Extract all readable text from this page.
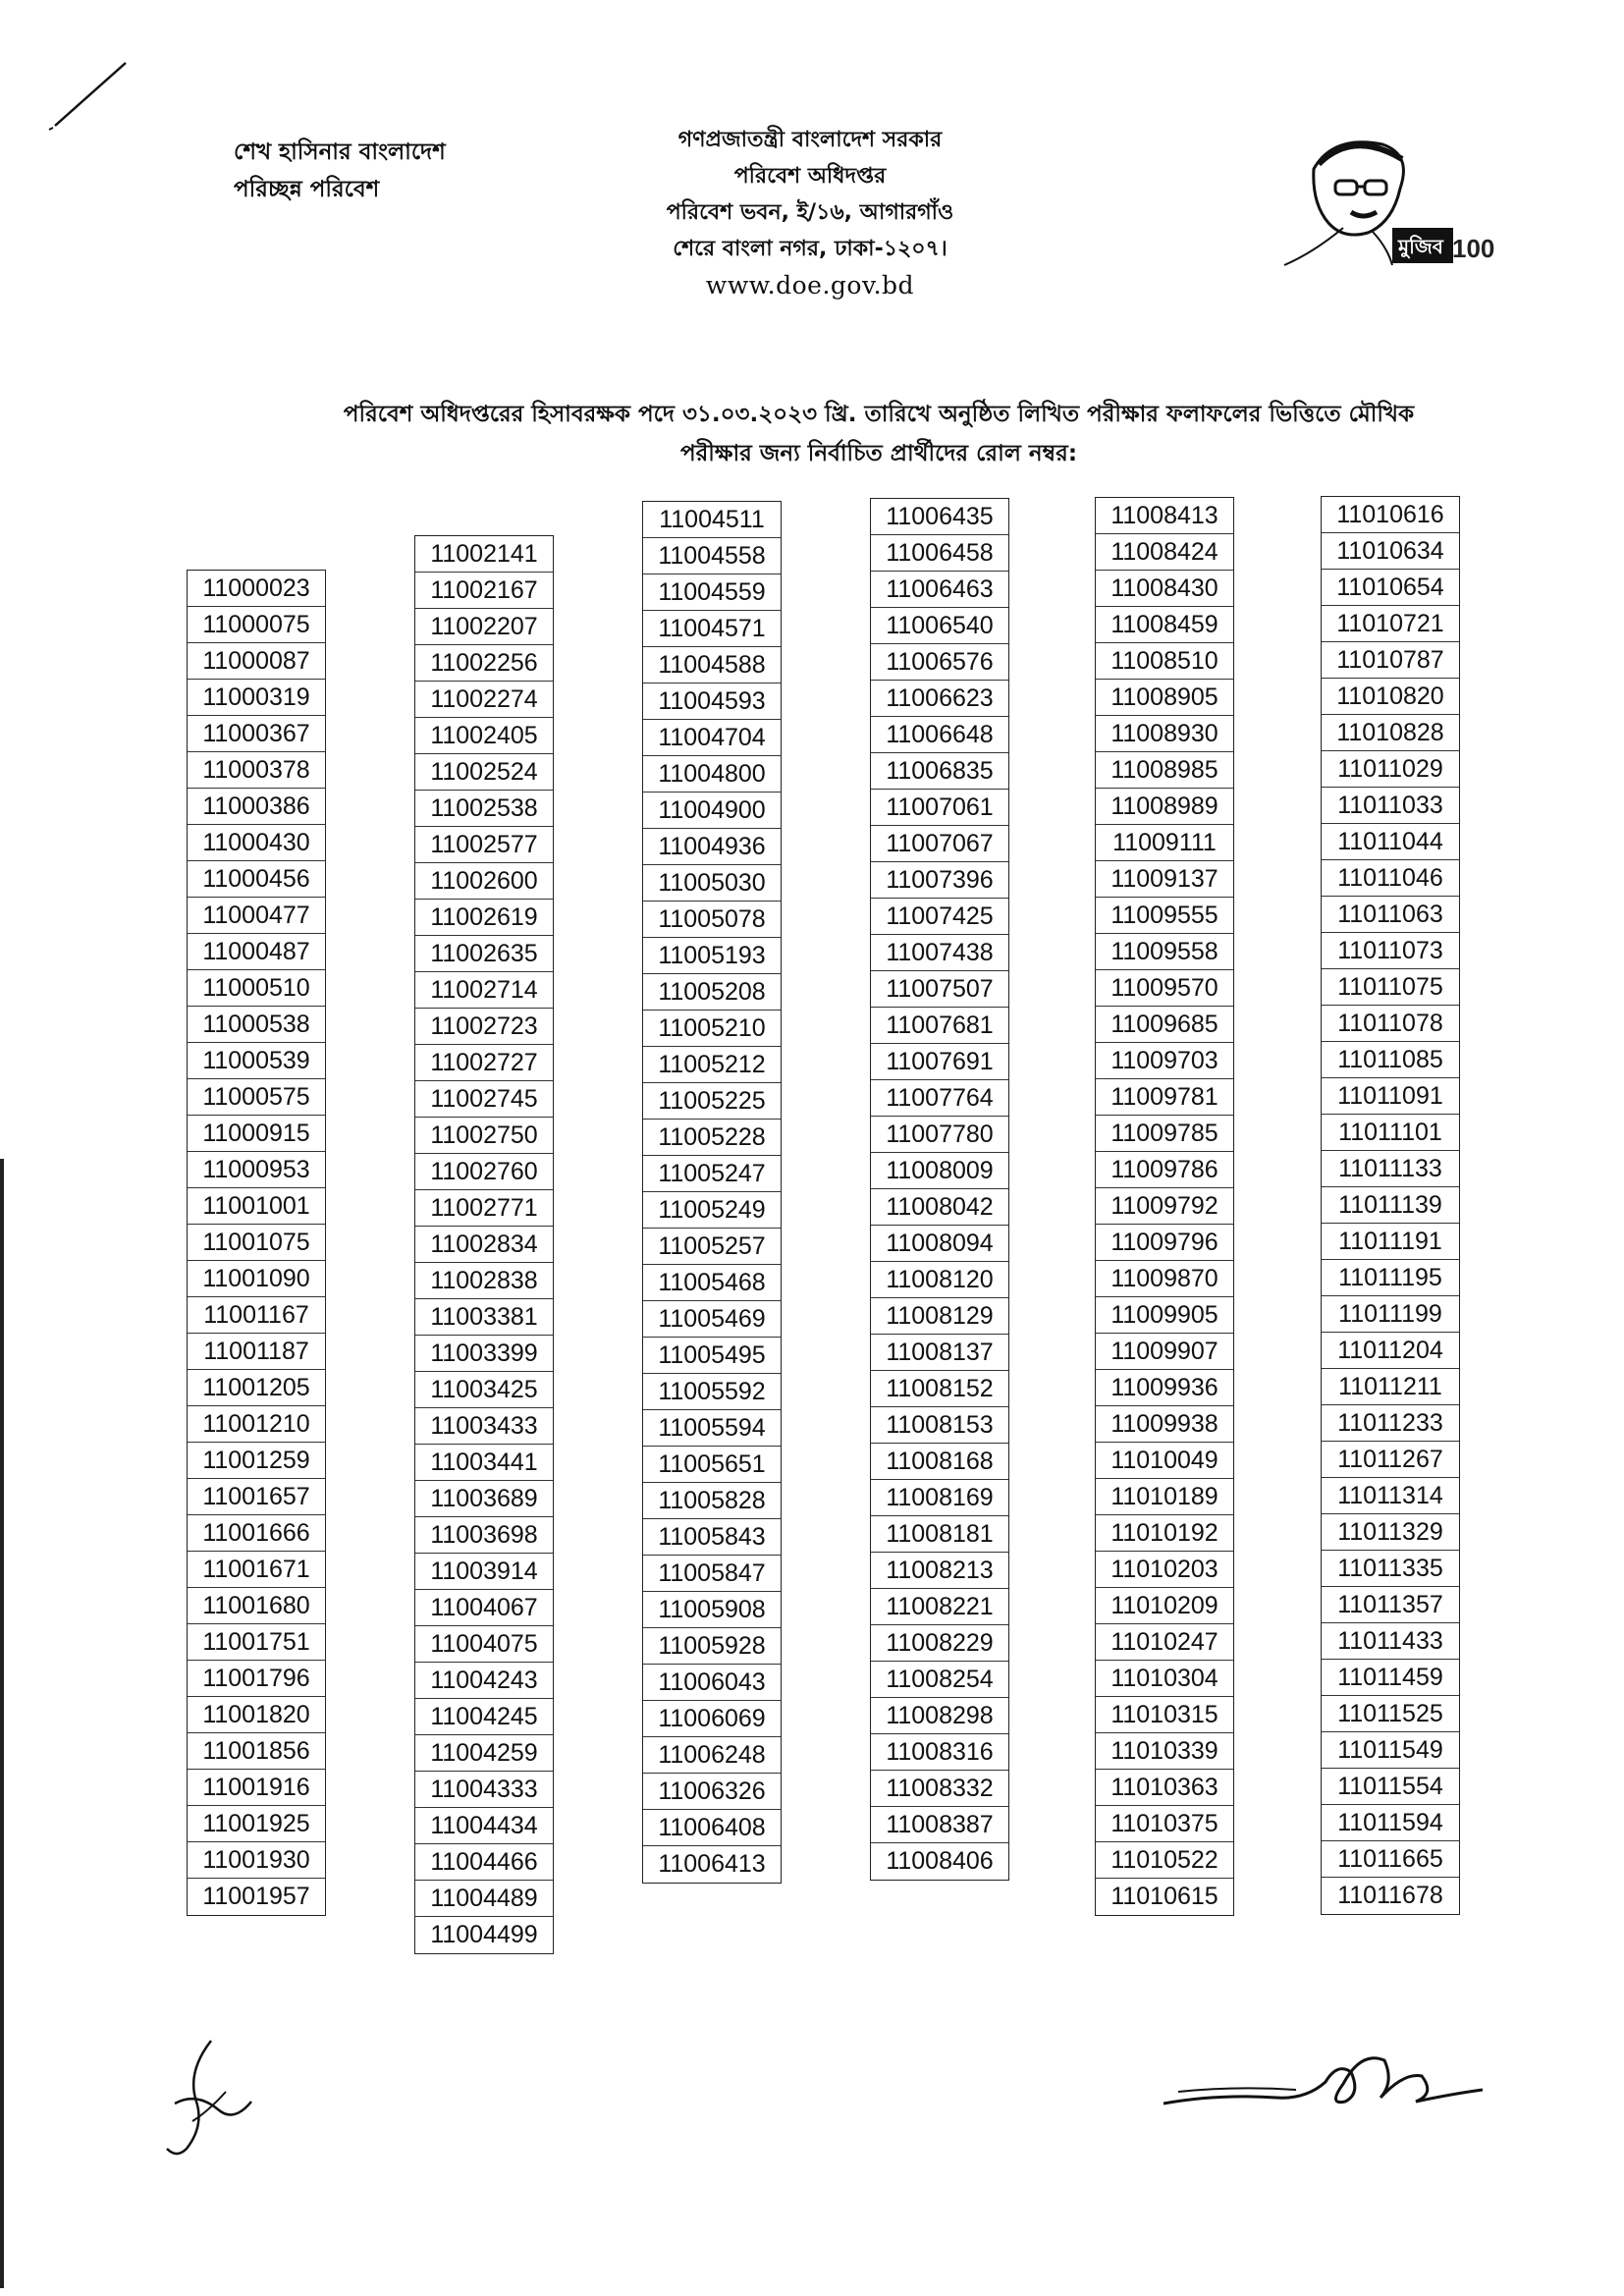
শেখ হাসিনার বাংলাদেশ
পরিচ্ছন্ন পরিবেশ
গণপ্রজাতন্ত্রী বাংলাদেশ সরকার
পরিবেশ অধিদপ্তর
পরিবেশ ভবন, ই/১৬, আগারগাঁও
শেরে বাংলা নগর, ঢাকা-১২০৭।
www.doe.gov.bd
মুজিব 100
পরিবেশ অধিদপ্তরের হিসাবরক্ষক পদে ৩১.০৩.২০২৩ খ্রি. তারিখে অনুষ্ঠিত লিখিত পরীক্ষার ফলাফলের ভিত্তিতে মৌখিক
পরীক্ষার জন্য নির্বাচিত প্রার্থীদের রোল নম্বর:
11000023
11000075
11000087
11000319
11000367
11000378
11000386
11000430
11000456
11000477
11000487
11000510
11000538
11000539
11000575
11000915
11000953
11001001
11001075
11001090
11001167
11001187
11001205
11001210
11001259
11001657
11001666
11001671
11001680
11001751
11001796
11001820
11001856
11001916
11001925
11001930
11001957
11002141
11002167
11002207
11002256
11002274
11002405
11002524
11002538
11002577
11002600
11002619
11002635
11002714
11002723
11002727
11002745
11002750
11002760
11002771
11002834
11002838
11003381
11003399
11003425
11003433
11003441
11003689
11003698
11003914
11004067
11004075
11004243
11004245
11004259
11004333
11004434
11004466
11004489
11004499
11004511
11004558
11004559
11004571
11004588
11004593
11004704
11004800
11004900
11004936
11005030
11005078
11005193
11005208
11005210
11005212
11005225
11005228
11005247
11005249
11005257
11005468
11005469
11005495
11005592
11005594
11005651
11005828
11005843
11005847
11005908
11005928
11006043
11006069
11006248
11006326
11006408
11006413
11006435
11006458
11006463
11006540
11006576
11006623
11006648
11006835
11007061
11007067
11007396
11007425
11007438
11007507
11007681
11007691
11007764
11007780
11008009
11008042
11008094
11008120
11008129
11008137
11008152
11008153
11008168
11008169
11008181
11008213
11008221
11008229
11008254
11008298
11008316
11008332
11008387
11008406
11008413
11008424
11008430
11008459
11008510
11008905
11008930
11008985
11008989
11009111
11009137
11009555
11009558
11009570
11009685
11009703
11009781
11009785
11009786
11009792
11009796
11009870
11009905
11009907
11009936
11009938
11010049
11010189
11010192
11010203
11010209
11010247
11010304
11010315
11010339
11010363
11010375
11010522
11010615
11010616
11010634
11010654
11010721
11010787
11010820
11010828
11011029
11011033
11011044
11011046
11011063
11011073
11011075
11011078
11011085
11011091
11011101
11011133
11011139
11011191
11011195
11011199
11011204
11011211
11011233
11011267
11011314
11011329
11011335
11011357
11011433
11011459
11011525
11011549
11011554
11011594
11011665
11011678
